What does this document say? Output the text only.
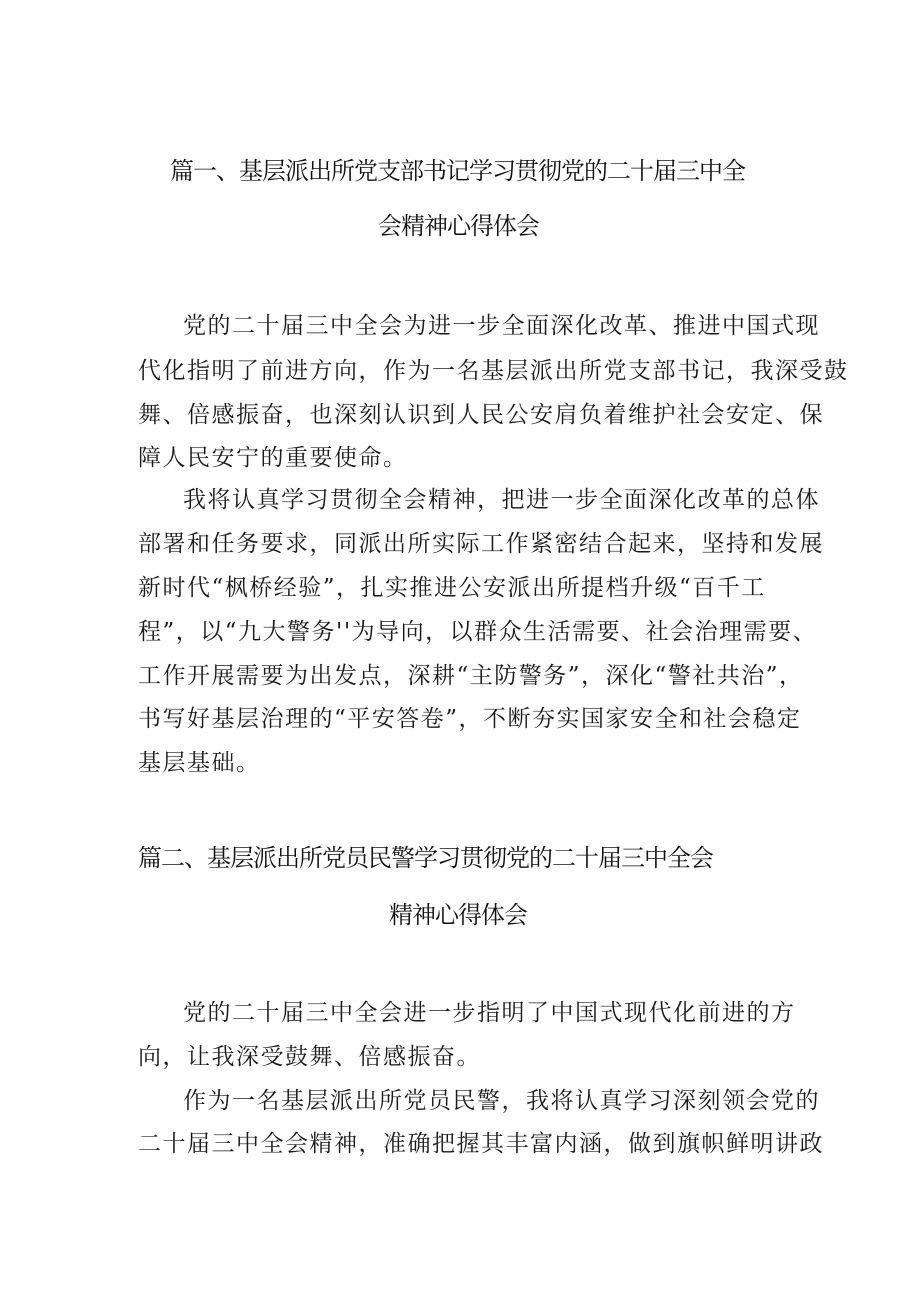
篇一、基层派出所党支部书记学习贯彻党的二十届三中全
会精神心得体会
党的二十届三中全会为进一步全面深化改革、推进中国式现
代化指明了前进方向，作为一名基层派出所党支部书记，我深受鼓
舞、倍感振奋，也深刻认识到人民公安肩负着维护社会安定、保
障人民安宁的重要使命。
我将认真学习贯彻全会精神，把进一步全面深化改革的总体
部署和任务要求，同派出所实际工作紧密结合起来，坚持和发展
新时代“枫桥经验”，扎实推进公安派出所提档升级“百千工
程”，以“九大警务''为导向，以群众生活需要、社会治理需要、
工作开展需要为出发点，深耕“主防警务”，深化“警社共治”，
书写好基层治理的“平安答卷”，不断夯实国家安全和社会稳定
基层基础。
篇二、基层派出所党员民警学习贯彻党的二十届三中全会
精神心得体会
党的二十届三中全会进一步指明了中国式现代化前进的方
向，让我深受鼓舞、倍感振奋。
作为一名基层派出所党员民警，我将认真学习深刻领会党的
二十届三中全会精神，准确把握其丰富内涵，做到旗帜鲜明讲政
